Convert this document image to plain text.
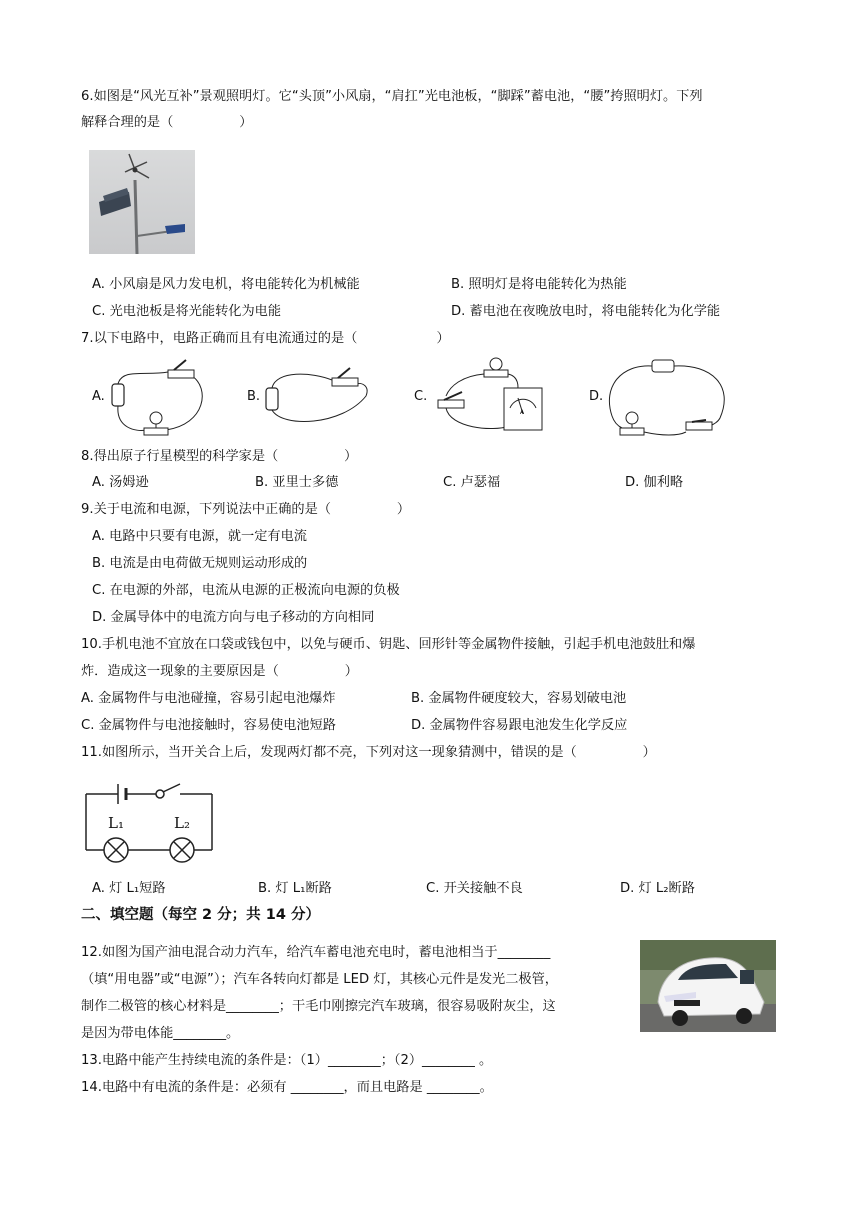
6.如图是“风光互补”景观照明灯。它“头顶”小风扇，“肩扛”光电池板，“脚踩”蓄电池，“腰”挎照明灯。下列
解释合理的是（　　　　　）
A. 小风扇是风力发电机，将电能转化为机械能	B. 照明灯是将电能转化为热能
C. 光电池板是将光能转化为电能	D. 蓄电池在夜晚放电时，将电能转化为化学能
7.以下电路中，电路正确而且有电流通过的是（　　　　　　）
A.	B.	C.
A
D.
8.得出原子行星模型的科学家是（　　　　　）
A. 汤姆逊	B. 亚里士多德	C. 卢瑟福	D. 伽利略
9.关于电流和电源，下列说法中正确的是（　　　　　）
A. 电路中只要有电源，就一定有电流
B. 电流是由电荷做无规则运动形成的
C. 在电源的外部，电流从电源的正极流向电源的负极
D. 金属导体中的电流方向与电子移动的方向相同
10.手机电池不宜放在口袋或钱包中，以免与硬币、钥匙、回形针等金属物件接触，引起手机电池鼓肚和爆
炸．造成这一现象的主要原因是（　　　　　）
A. 金属物件与电池碰撞，容易引起电池爆炸	B. 金属物件硬度较大，容易划破电池
C. 金属物件与电池接触时，容易使电池短路	D. 金属物件容易跟电池发生化学反应
11.如图所示，当开关合上后，发现两灯都不亮，下列对这一现象猜测中，错误的是（　　　　　）
L₁	L₂
A. 灯 L₁短路	B. 灯 L₁断路	C. 开关接触不良	D. 灯 L₂断路
二、填空题（每空 2 分；共 14 分）
12.如图为国产油电混合动力汽车，给汽车蓄电池充电时，蓄电池相当于________
（填“用电器”或“电源”）；汽车各转向灯都是 LED 灯，其核心元件是发光二极管，
制作二极管的核心材料是________；干毛巾刚擦完汽车玻璃，很容易吸附灰尘，这
是因为带电体能________。
13.电路中能产生持续电流的条件是：（1）________；（2）________ 。
14.电路中有电流的条件是：必须有 ________，而且电路是 ________。
